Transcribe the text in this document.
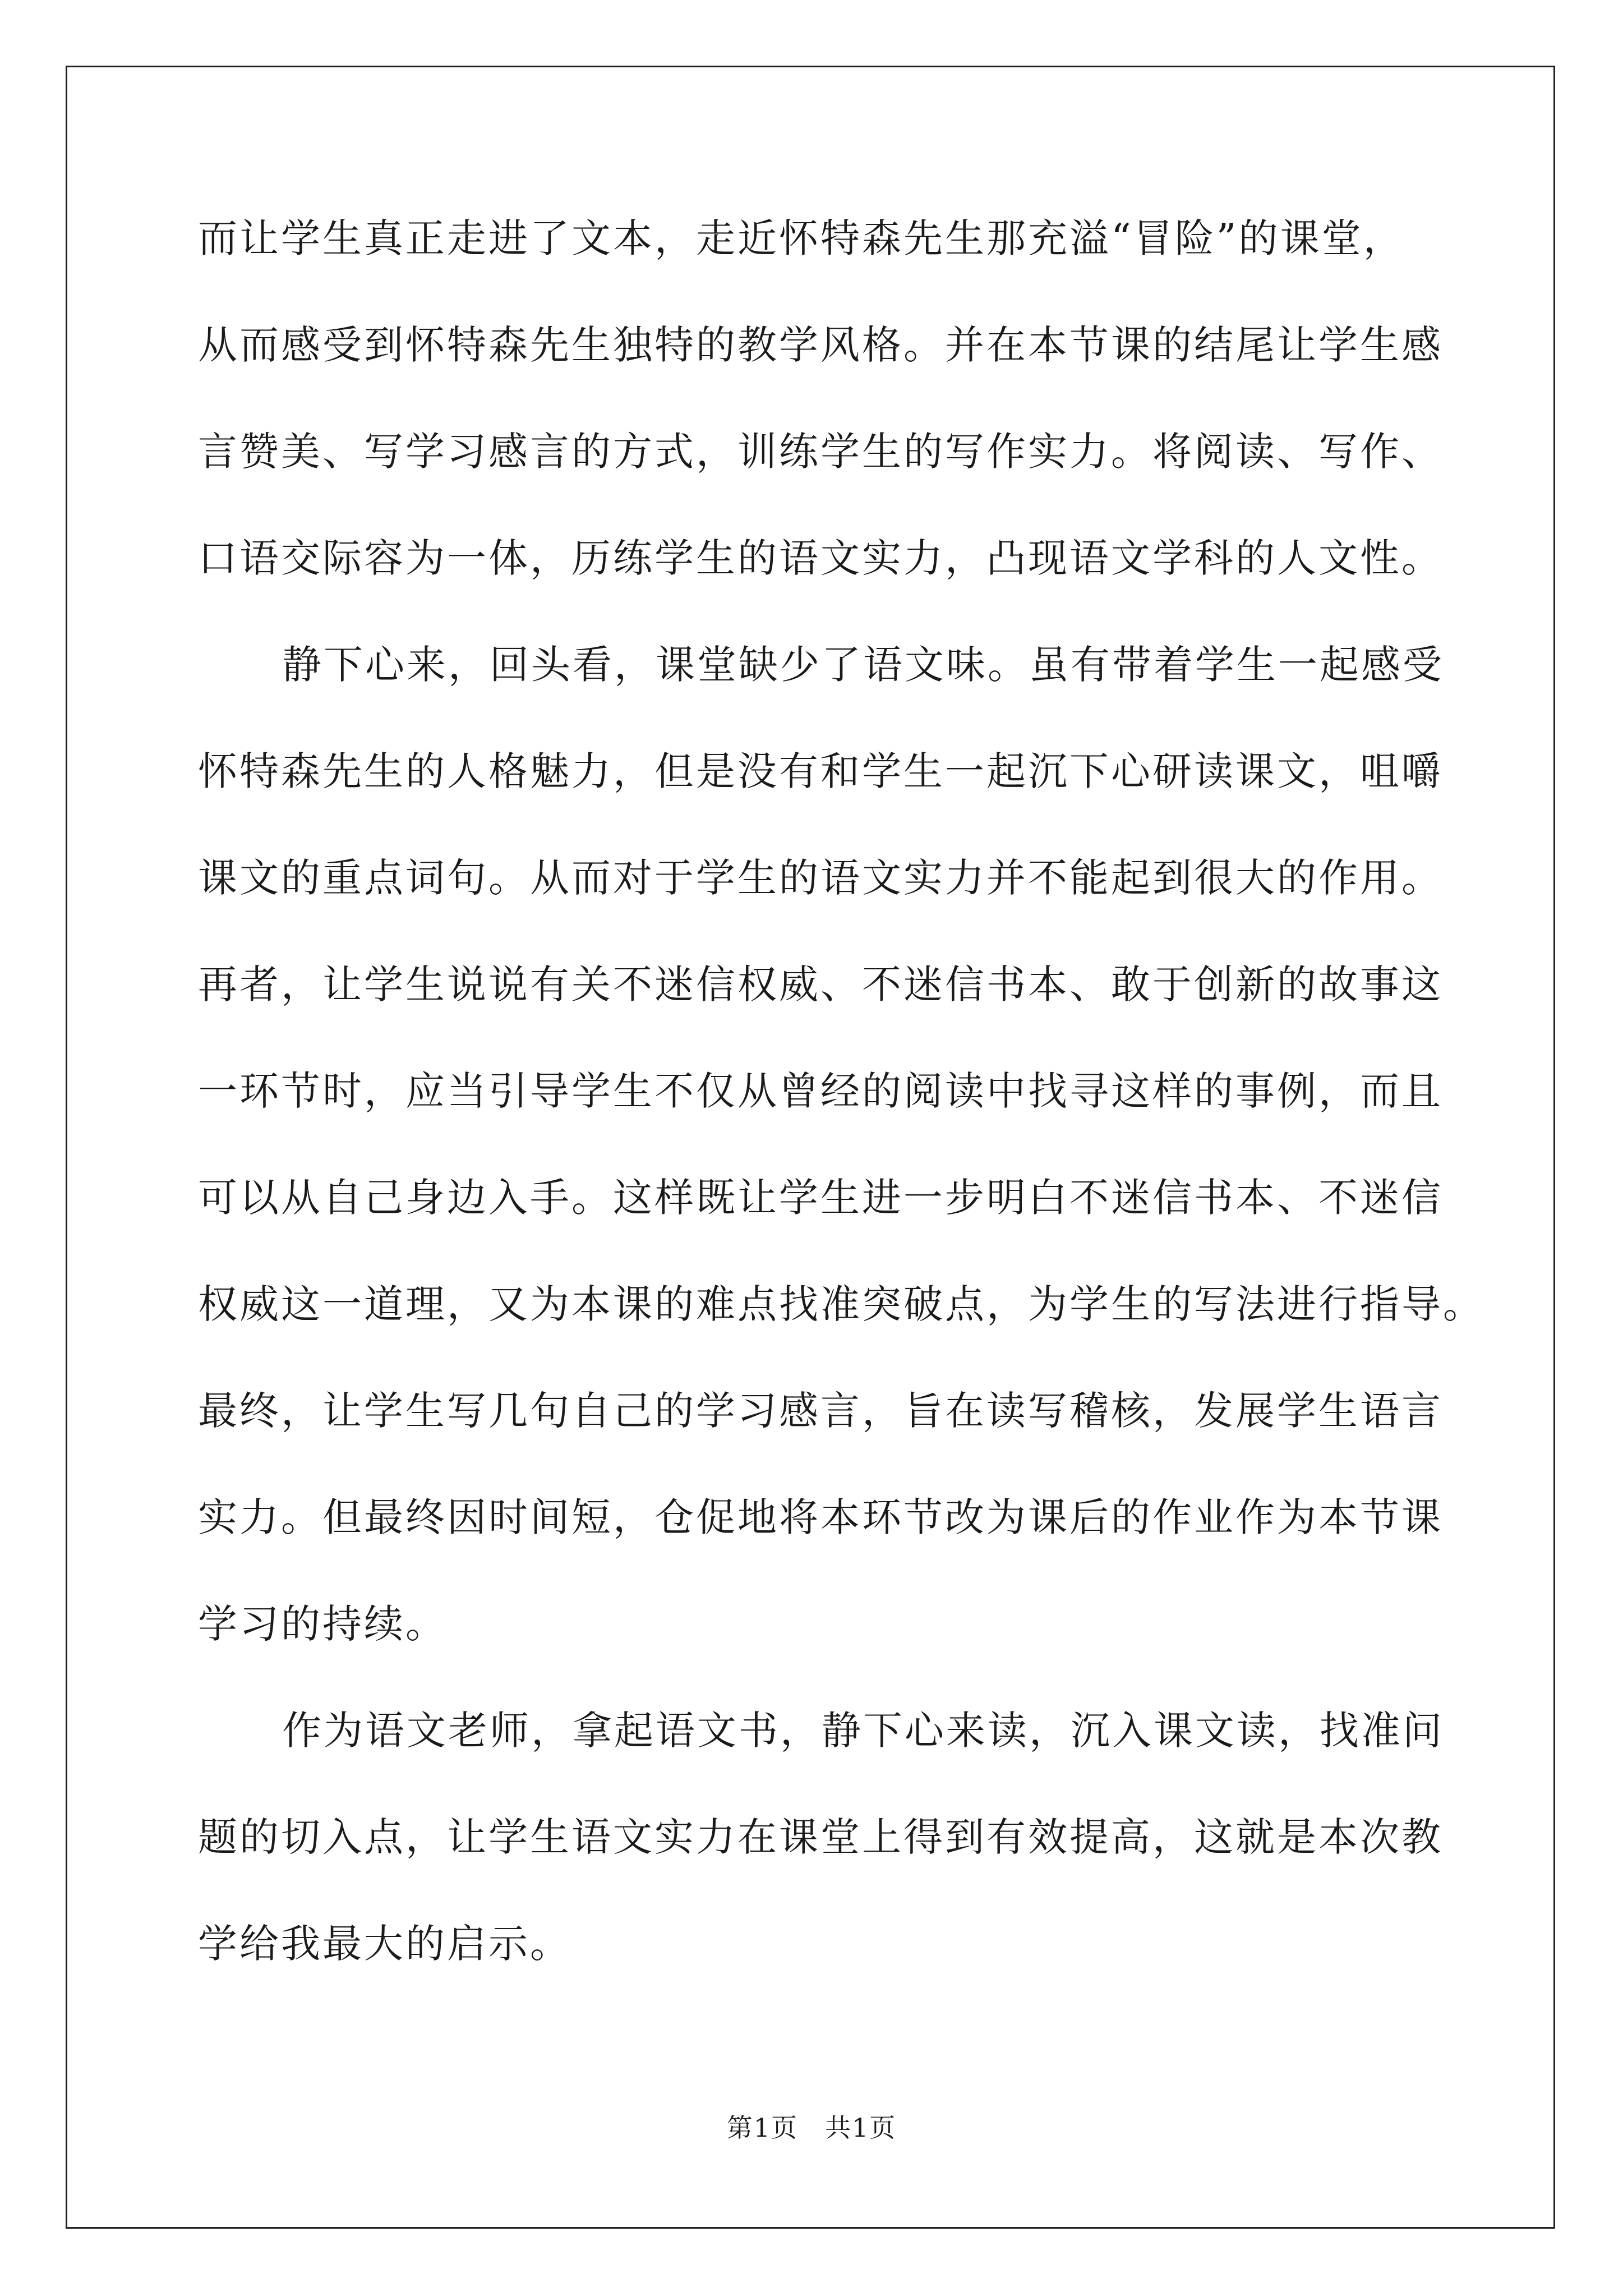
而让学生真正走进了文本，走近怀特森先生那充溢“冒险”的课堂，
从而感受到怀特森先生独特的教学风格。并在本节课的结尾让学生感
言赞美、写学习感言的方式，训练学生的写作实力。将阅读、写作、
口语交际容为一体，历练学生的语文实力，凸现语文学科的人文性。
静下心来，回头看，课堂缺少了语文味。虽有带着学生一起感受
怀特森先生的人格魅力，但是没有和学生一起沉下心研读课文，咀嚼
课文的重点词句。从而对于学生的语文实力并不能起到很大的作用。
再者，让学生说说有关不迷信权威、不迷信书本、敢于创新的故事这
一环节时，应当引导学生不仅从曾经的阅读中找寻这样的事例，而且
可以从自己身边入手。这样既让学生进一步明白不迷信书本、不迷信
权威这一道理，又为本课的难点找准突破点，为学生的写法进行指导。
最终，让学生写几句自己的学习感言，旨在读写稽核，发展学生语言
实力。但最终因时间短，仓促地将本环节改为课后的作业作为本节课
学习的持续。
作为语文老师，拿起语文书，静下心来读，沉入课文读，找准问
题的切入点，让学生语文实力在课堂上得到有效提高，这就是本次教
学给我最大的启示。
第1页　共1页
